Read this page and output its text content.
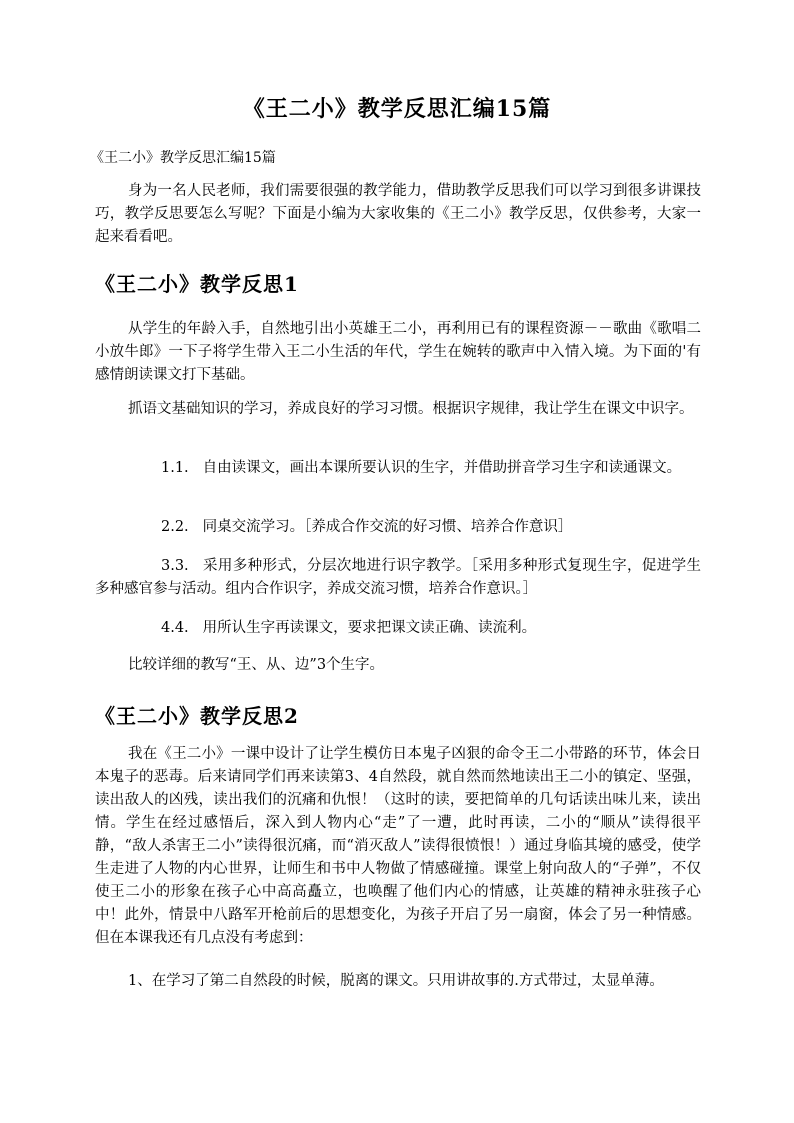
《王二小》教学反思汇编15篇
《王二小》教学反思汇编15篇
身为一名人民老师，我们需要很强的教学能力，借助教学反思我们可以学习到很多讲课技巧，教学反思要怎么写呢？下面是小编为大家收集的《王二小》教学反思，仅供参考，大家一起来看看吧。
《王二小》教学反思1
从学生的年龄入手，自然地引出小英雄王二小，再利用已有的课程资源－－歌曲《歌唱二小放牛郎》一下子将学生带入王二小生活的年代，学生在婉转的歌声中入情入境。为下面的'有感情朗读课文打下基础。
抓语文基础知识的学习，养成良好的学习习惯。根据识字规律，我让学生在课文中识字。
1.1. 自由读课文，画出本课所要认识的生字，并借助拼音学习生字和读通课文。
2.2. 同桌交流学习。［养成合作交流的好习惯、培养合作意识］
3.3. 采用多种形式，分层次地进行识字教学。［采用多种形式复现生字，促进学生多种感官参与活动。组内合作识字，养成交流习惯，培养合作意识。］
4.4. 用所认生字再读课文，要求把课文读正确、读流利。
比较详细的教写“王、从、边”3个生字。
《王二小》教学反思2
我在《王二小》一课中设计了让学生模仿日本鬼子凶狠的命令王二小带路的环节，体会日本鬼子的恶毒。后来请同学们再来读第3、4自然段，就自然而然地读出王二小的镇定、坚强，读出敌人的凶残，读出我们的沉痛和仇恨！（这时的读，要把简单的几句话读出味儿来，读出情。学生在经过感悟后，深入到人物内心“走”了一遭，此时再读，二小的“顺从”读得很平静，“敌人杀害王二小”读得很沉痛，而“消灭敌人”读得很愤恨！）通过身临其境的感受，使学生走进了人物的内心世界，让师生和书中人物做了情感碰撞。课堂上射向敌人的“子弹”，不仅使王二小的形象在孩子心中高高矗立，也唤醒了他们内心的情感，让英雄的精神永驻孩子心中！此外，情景中八路军开枪前后的思想变化，为孩子开启了另一扇窗，体会了另一种情感。但在本课我还有几点没有考虑到：
1、在学习了第二自然段的时候，脱离的课文。只用讲故事的.方式带过，太显单薄。
